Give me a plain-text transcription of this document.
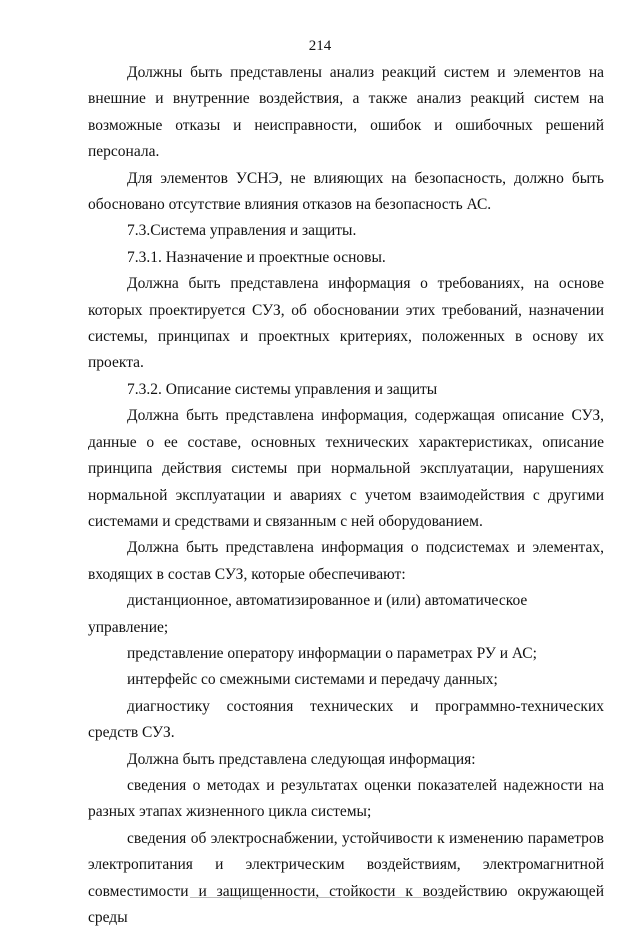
214

Должны быть представлены анализ реакций систем и элементов на внешние и внутренние воздействия, а также анализ реакций систем на возможные отказы и неисправности, ошибок и ошибочных решений персонала.

Для элементов УСНЭ, не влияющих на безопасность, должно быть обосновано отсутствие влияния отказов на безопасность АС.

7.3.Система управления и защиты.

7.3.1. Назначение и проектные основы.

Должна быть представлена информация о требованиях, на основе которых проектируется СУЗ, об обосновании этих требований, назначении системы, принципах и проектных критериях, положенных в основу их проекта.

7.3.2. Описание системы управления и защиты

Должна быть представлена информация, содержащая описание СУЗ, данные о ее составе, основных технических характеристиках, описание принципа действия системы при нормальной эксплуатации, нарушениях нормальной эксплуатации и авариях с учетом взаимодействия с другими системами и средствами и связанным с ней оборудованием.

Должна быть представлена информация о подсистемах и элементах, входящих в состав СУЗ, которые обеспечивают:

дистанционное, автоматизированное и (или) автоматическое управление;

представление оператору информации о параметрах РУ и АС;

интерфейс со смежными системами и передачу данных;

диагностику состояния технических и программно-технических средств СУЗ.

Должна быть представлена следующая информация:

сведения о методах и результатах оценки показателей надежности на разных этапах жизненного цикла системы;

сведения об электроснабжении, устойчивости к изменению параметров электропитания и электрическим воздействиям, электромагнитной совместимости и защищенности, стойкости к воздействию окружающей среды
